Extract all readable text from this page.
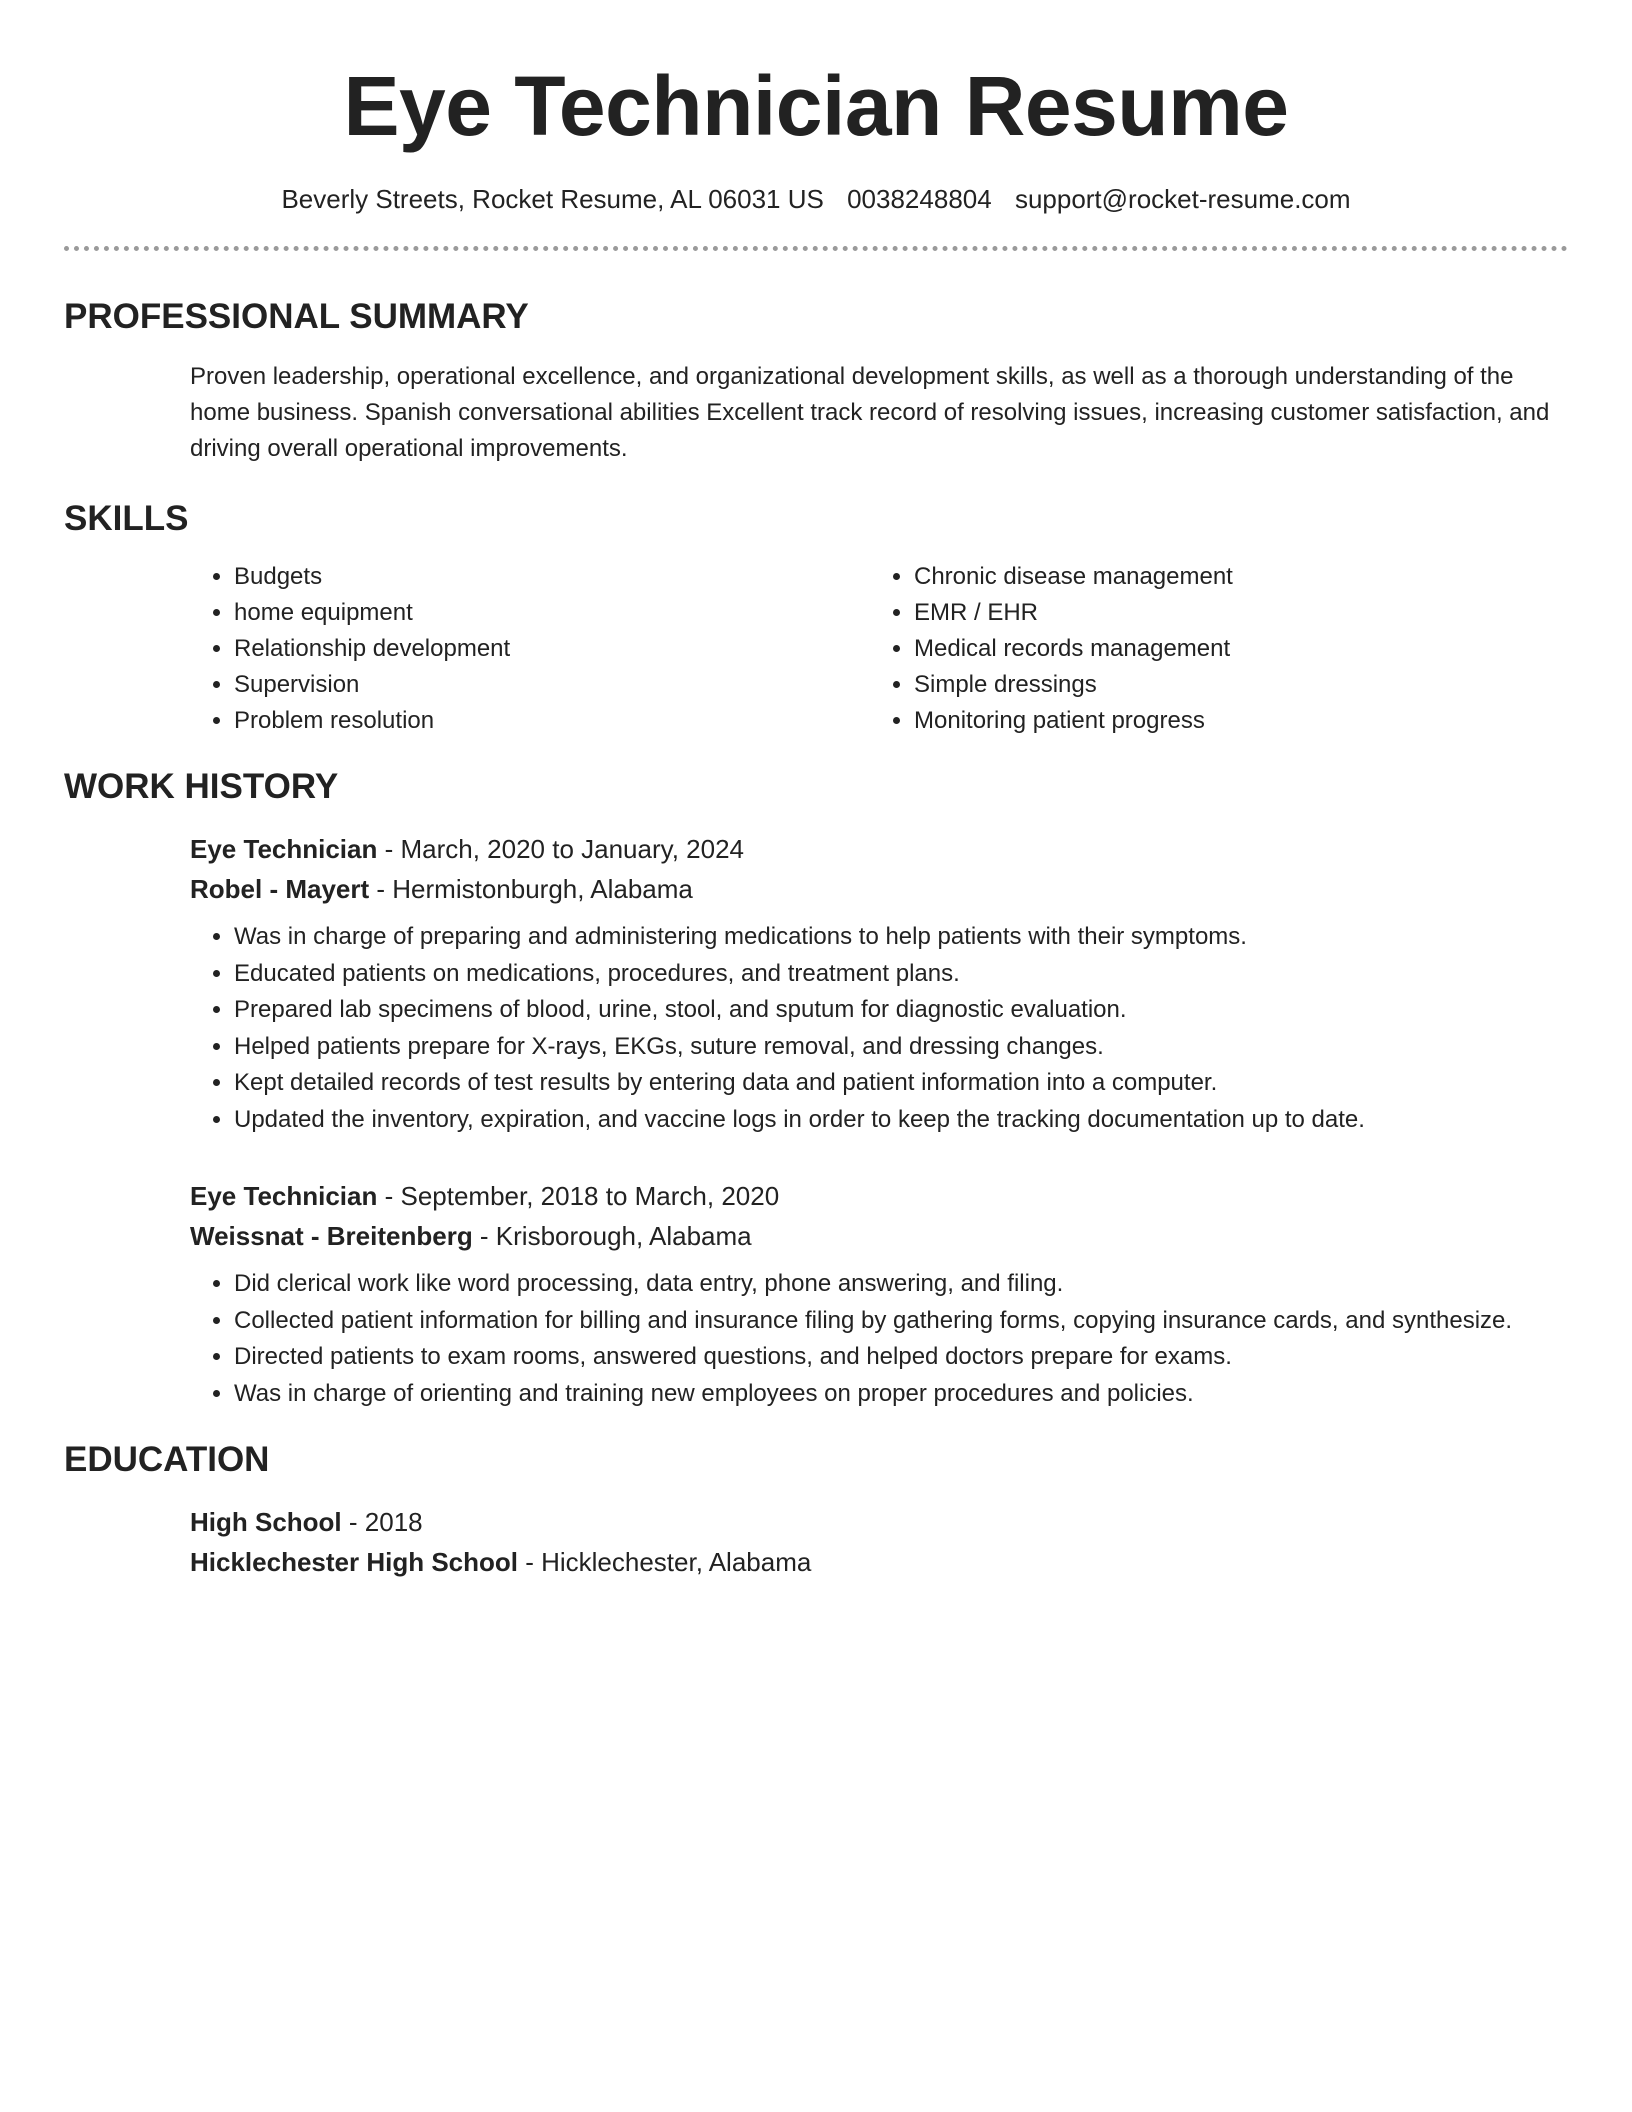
Eye Technician Resume
Beverly Streets, Rocket Resume, AL 06031 US 0038248804 support@rocket-resume.com
PROFESSIONAL SUMMARY
Proven leadership, operational excellence, and organizational development skills, as well as a thorough understanding of the home business. Spanish conversational abilities Excellent track record of resolving issues, increasing customer satisfaction, and driving overall operational improvements.
SKILLS
• Budgets
• home equipment
• Relationship development
• Supervision
• Problem resolution
• Chronic disease management
• EMR / EHR
• Medical records management
• Simple dressings
• Monitoring patient progress
WORK HISTORY
Eye Technician - March, 2020 to January, 2024
Robel - Mayert - Hermistonburgh, Alabama
• Was in charge of preparing and administering medications to help patients with their symptoms.
• Educated patients on medications, procedures, and treatment plans.
• Prepared lab specimens of blood, urine, stool, and sputum for diagnostic evaluation.
• Helped patients prepare for X-rays, EKGs, suture removal, and dressing changes.
• Kept detailed records of test results by entering data and patient information into a computer.
• Updated the inventory, expiration, and vaccine logs in order to keep the tracking documentation up to date.
Eye Technician - September, 2018 to March, 2020
Weissnat - Breitenberg - Krisborough, Alabama
• Did clerical work like word processing, data entry, phone answering, and filing.
• Collected patient information for billing and insurance filing by gathering forms, copying insurance cards, and synthesize.
• Directed patients to exam rooms, answered questions, and helped doctors prepare for exams.
• Was in charge of orienting and training new employees on proper procedures and policies.
EDUCATION
High School - 2018
Hicklechester High School - Hicklechester, Alabama
